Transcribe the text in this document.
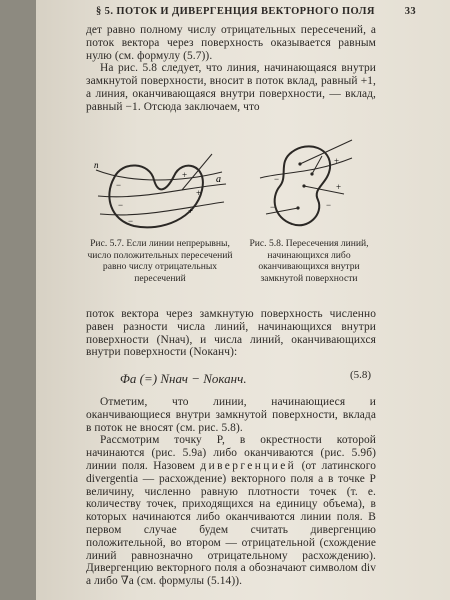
§ 5. ПОТОК И ДИВЕРГЕНЦИЯ ВЕКТОРНОГО ПОЛЯ	33

дет равно полному числу отрицательных пересечений, а поток вектора через поверхность оказывается равным нулю (см. формулу (5.7)).

На рис. 5.8 следует, что линия, начинающаяся внутри замкнутой поверхности, вносит в поток вклад, равный +1, а линия, оканчивающаяся внутри поверхности, — вклад, равный −1. Отсюда заключаем, что

n
a
−
+
−
+
−
+
+
+
−
−	−
Рис. 5.7. Если линии непрерывны, число положительных пересечений равно числу отрицательных пересечений
Рис. 5.8. Пересечения линий, начинающихся либо оканчивающихся внутри замкнутой поверхности

поток вектора через замкнутую поверхность численно равен разности числа линий, начинающихся внутри поверхности (Nнач), и числа линий, оканчивающихся внутри поверхности (Nоканч):

Φa (=) Nнач − Nоканч.	(5.8)

Отметим, что линии, начинающиеся и оканчивающиеся внутри замкнутой поверхности, вклада в поток не вносят (см. рис. 5.8).

Рассмотрим точку P, в окрестности которой начинаются (рис. 5.9a) либо оканчиваются (рис. 5.9б) линии поля. Назовем дивергенцией (от латинского divergentia — расхождение) векторного поля a в точке P величину, численно равную плотности точек (т. е. количеству точек, приходящихся на единицу объема), в которых начинаются либо оканчиваются линии поля. В первом случае будем считать дивергенцию положительной, во втором — отрицательной (схождение линий равнозначно отрицательному расхождению). Дивергенцию векторного поля a обозначают символом div a либо ∇a (см. формулы (5.14)).
